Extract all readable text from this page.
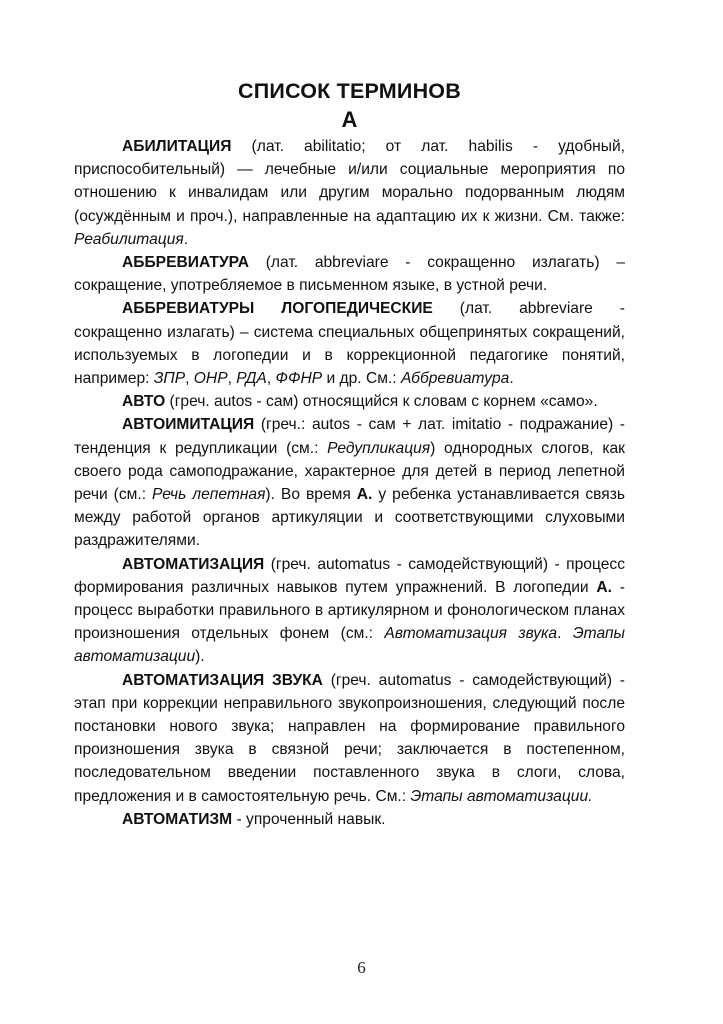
СПИСОК ТЕРМИНОВ

А

АБИЛИТАЦИЯ (лат. abilitatio; от лат. habilis - удобный, приспособительный) — лечебные и/или социальные мероприятия по отношению к инвалидам или другим морально подорванным людям (осуждённым и проч.), направленные на адаптацию их к жизни. См. также: Реабилитация.

АББРЕВИАТУРА (лат. abbreviare - сокращенно излагать) – сокращение, употребляемое в письменном языке, в устной речи.

АББРЕВИАТУРЫ ЛОГОПЕДИЧЕСКИЕ (лат. abbreviare - сокращенно излагать) – система специальных общепринятых сокращений, используемых в логопедии и в коррекционной педагогике понятий, например: ЗПР, ОНР, РДА, ФФНР и др. См.: Аббревиатура.

АВТО (греч. autos - сам) относящийся к словам с корнем «само».

АВТОИМИТАЦИЯ (греч.: autos - сам + лат. imitatio - подражание) - тенденция к редупликации (см.: Редупликация) однородных слогов, как своего рода самоподражание, характерное для детей в период лепетной речи (см.: Речь лепетная). Во время А. у ребенка устанавливается связь между работой органов артикуляции и соответствующими слуховыми раздражителями.

АВТОМАТИЗАЦИЯ (греч. automatus - самодействующий) - процесс формирования различных навыков путем упражнений. В логопедии А. - процесс выработки правильного в артикулярном и фонологическом планах произношения отдельных фонем (см.: Автоматизация звука. Этапы автоматизации).

АВТОМАТИЗАЦИЯ ЗВУКА (греч. automatus - самодействующий) - этап при коррекции неправильного звукопроизношения, следующий после постановки нового звука; направлен на формирование правильного произношения звука в связной речи; заключается в постепенном, последовательном введении поставленного звука в слоги, слова, предложения и в самостоятельную речь. См.: Этапы автоматизации.

АВТОМАТИЗМ - упроченный навык.

6
